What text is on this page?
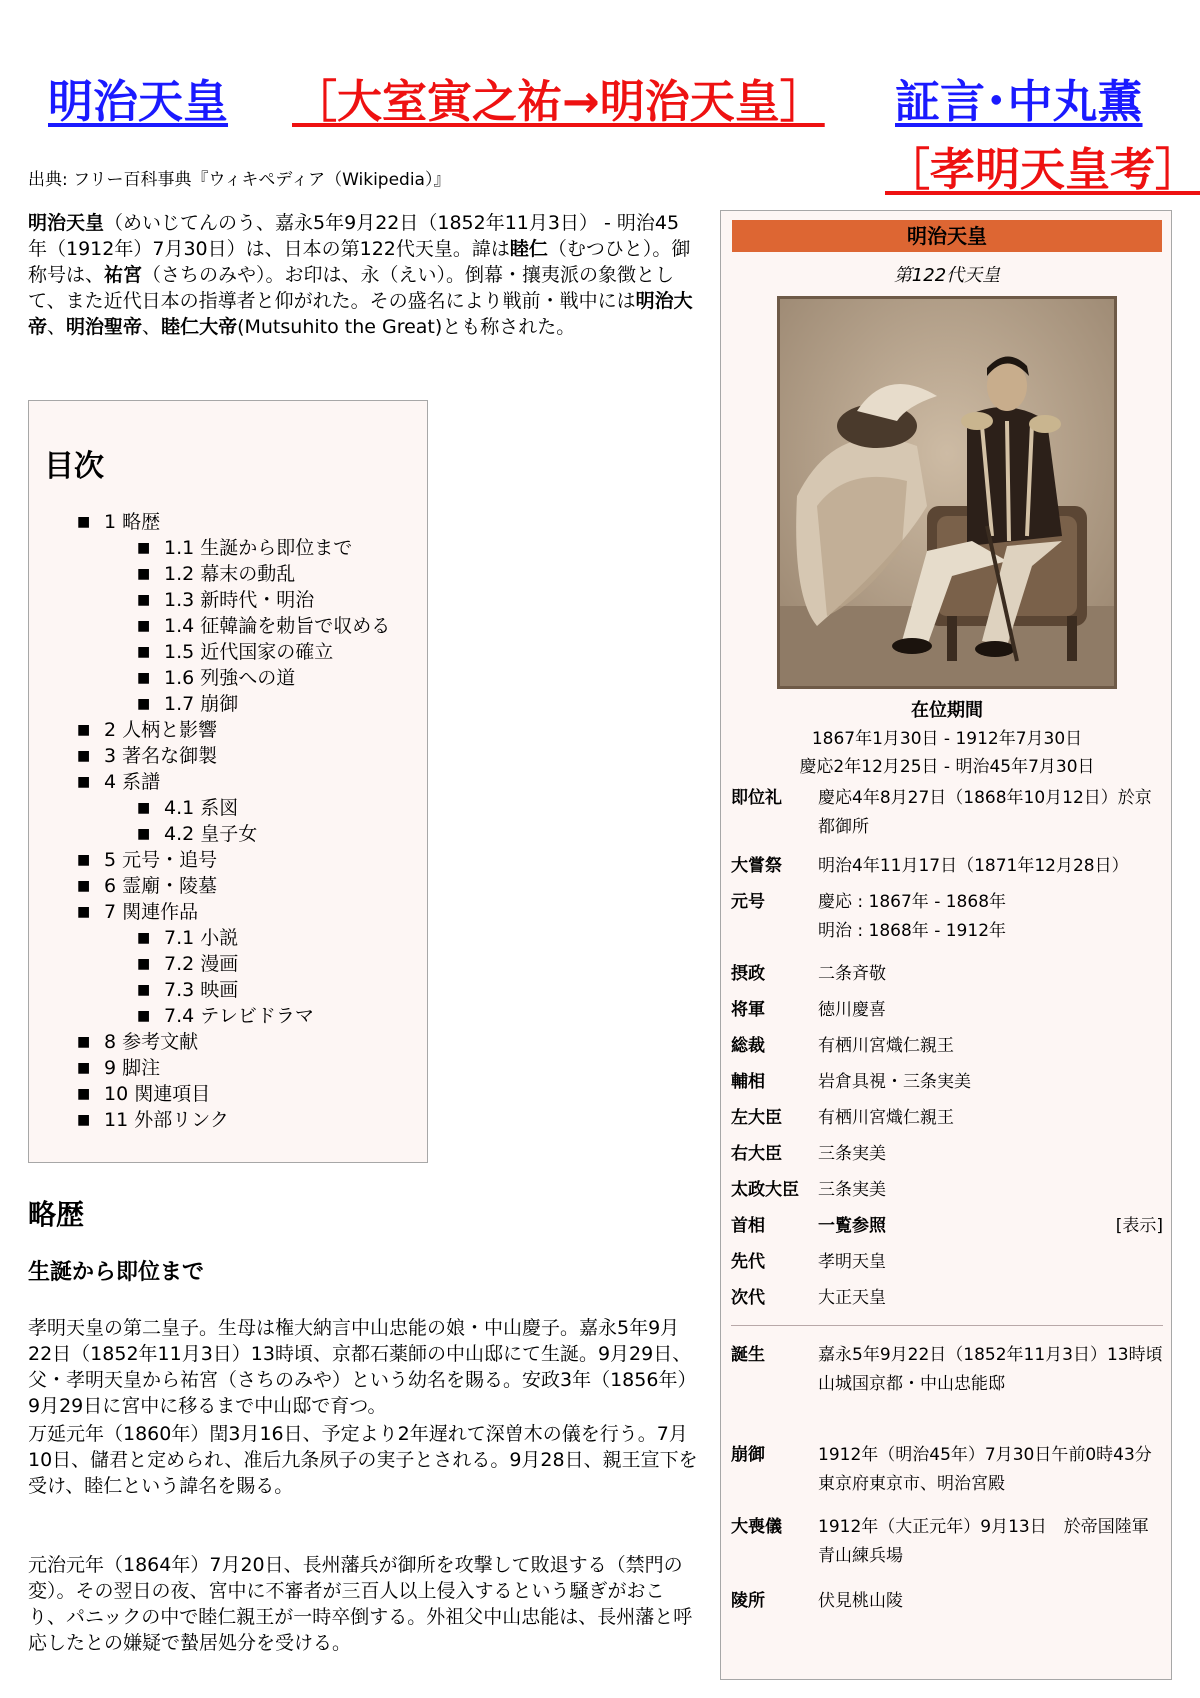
明治天皇 ［大室寅之祐→明治天皇］ 証言･中丸薫
［孝明天皇考］
出典: フリー百科事典『ウィキペディア（Wikipedia）』
明治天皇（めいじてんのう、嘉永5年9月22日（1852年11月3日） - 明治45年（1912年）7月30日）は、日本の第122代天皇。諱は睦仁（むつひと）。御称号は、祐宮（さちのみや）。お印は、永（えい）。倒幕・攘夷派の象徴として、また近代日本の指導者と仰がれた。その盛名により戦前・戦中には明治大帝、明治聖帝、睦仁大帝(Mutsuhito the Great)とも称された。
目次
■ 1 略歴
■ 1.1 生誕から即位まで
■ 1.2 幕末の動乱
■ 1.3 新時代・明治
■ 1.4 征韓論を勅旨で収める
■ 1.5 近代国家の確立
■ 1.6 列強への道
■ 1.7 崩御
■ 2 人柄と影響
■ 3 著名な御製
■ 4 系譜
■ 4.1 系図
■ 4.2 皇子女
■ 5 元号・追号
■ 6 霊廟・陵墓
■ 7 関連作品
■ 7.1 小説
■ 7.2 漫画
■ 7.3 映画
■ 7.4 テレビドラマ
■ 8 参考文献
■ 9 脚注
■ 10 関連項目
■ 11 外部リンク
略歴
生誕から即位まで
孝明天皇の第二皇子。生母は権大納言中山忠能の娘・中山慶子。嘉永5年9月22日（1852年11月3日）13時頃、京都石薬師の中山邸にて生誕。9月29日、父・孝明天皇から祐宮（さちのみや）という幼名を賜る。安政3年（1856年）9月29日に宮中に移るまで中山邸で育つ。
万延元年（1860年）閏3月16日、予定より2年遅れて深曽木の儀を行う。7月10日、儲君と定められ、准后九条夙子の実子とされる。9月28日、親王宣下を受け、睦仁という諱名を賜る。
元治元年（1864年）7月20日、長州藩兵が御所を攻撃して敗退する（禁門の変）。その翌日の夜、宮中に不審者が三百人以上侵入するという騒ぎがおこり、パニックの中で睦仁親王が一時卒倒する。外祖父中山忠能は、長州藩と呼応したとの嫌疑で蟄居処分を受ける。
明治天皇
第122代天皇
在位期間
1867年1月30日 - 1912年7月30日
慶応2年12月25日 - 明治45年7月30日
即位礼 慶応4年8月27日（1868年10月12日）於京都御所
大嘗祭 明治4年11月17日（1871年12月28日）
元号	慶応 : 1867年 - 1868年
明治 : 1868年 - 1912年
摂政	二条斉敬
将軍	徳川慶喜
総裁	有栖川宮熾仁親王
輔相	岩倉具視・三条実美
左大臣 有栖川宮熾仁親王
右大臣 三条実美
太政大臣 三条実美
首相	一覧参照	[表示]
先代	孝明天皇
次代	大正天皇
誕生	嘉永5年9月22日（1852年11月3日）13時頃
山城国京都・中山忠能邸
崩御	1912年（明治45年）7月30日午前0時43分
東京府東京市、明治宮殿
大喪儀 1912年（大正元年）9月13日　於帝国陸軍青山練兵場
陵所	伏見桃山陵
